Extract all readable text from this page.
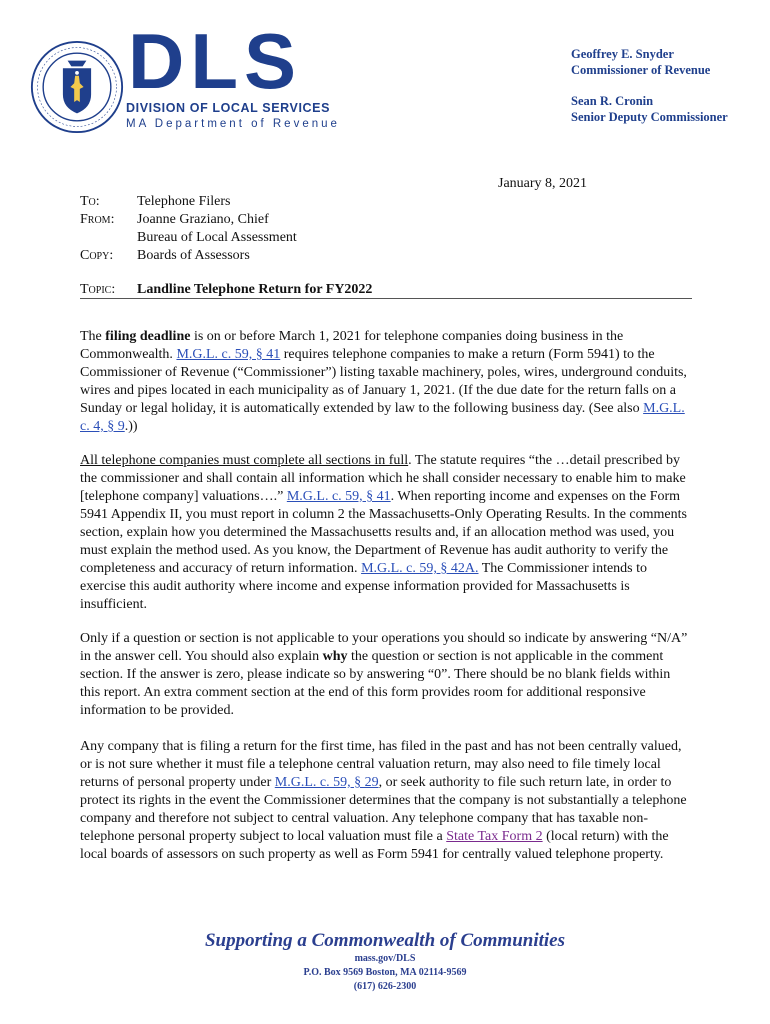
DLS
DIVISION OF LOCAL SERVICES
MA Department of Revenue
Geoffrey E. Snyder
Commissioner of Revenue
Sean R. Cronin
Senior Deputy Commissioner
January 8, 2021
To:	Telephone Filers
From: Joanne Graziano, Chief
Bureau of Local Assessment
Copy: Boards of Assessors
Topic: Landline Telephone Return for FY2022
The filing deadline is on or before March 1, 2021 for telephone companies doing business in the Commonwealth. M.G.L. c. 59, § 41 requires telephone companies to make a return (Form 5941) to the Commissioner of Revenue (“Commissioner”) listing taxable machinery, poles, wires, underground conduits, wires and pipes located in each municipality as of January 1, 2021. (If the due date for the return falls on a Sunday or legal holiday, it is automatically extended by law to the following business day. (See also M.G.L. c. 4, § 9.))
All telephone companies must complete all sections in full. The statute requires “the …detail prescribed by the commissioner and shall contain all information which he shall consider necessary to enable him to make [telephone company] valuations….” M.G.L. c. 59, § 41. When reporting income and expenses on the Form 5941 Appendix II, you must report in column 2 the Massachusetts-Only Operating Results. In the comments section, explain how you determined the Massachusetts results and, if an allocation method was used, you must explain the method used. As you know, the Department of Revenue has audit authority to verify the completeness and accuracy of return information. M.G.L. c. 59, § 42A. The Commissioner intends to exercise this audit authority where income and expense information provided for Massachusetts is insufficient.
Only if a question or section is not applicable to your operations you should so indicate by answering “N/A” in the answer cell. You should also explain why the question or section is not applicable in the comment section. If the answer is zero, please indicate so by answering “0”. There should be no blank fields within this report. An extra comment section at the end of this form provides room for additional responsive information to be provided.
Any company that is filing a return for the first time, has filed in the past and has not been centrally valued, or is not sure whether it must file a telephone central valuation return, may also need to file timely local returns of personal property under M.G.L. c. 59, § 29, or seek authority to file such return late, in order to protect its rights in the event the Commissioner determines that the company is not substantially a telephone company and therefore not subject to central valuation. Any telephone company that has taxable non-telephone personal property subject to local valuation must file a State Tax Form 2 (local return) with the local boards of assessors on such property as well as Form 5941 for centrally valued telephone property.
Supporting a Commonwealth of Communities
mass.gov/DLS
P.O. Box 9569 Boston, MA 02114-9569
(617) 626-2300
